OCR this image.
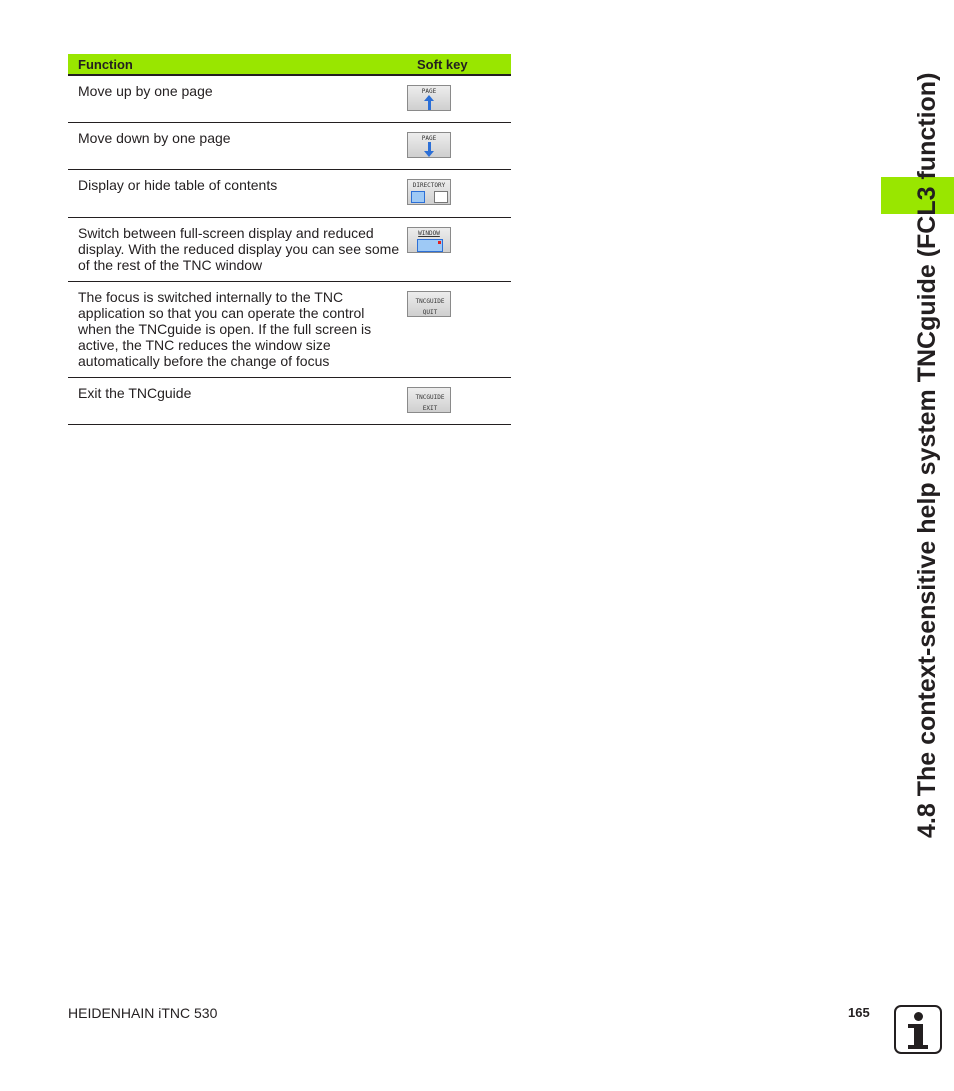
Function	Soft key
Move up by one page	PAGE

Move down by one page	PAGE

Display or hide table of contents	DIRECTORY

Switch between full-screen display and reduced display. With the reduced display you can see some of the rest of the TNC window	WINDOW

The focus is switched internally to the TNC application so that you can operate the control when the TNCguide is open. If the full screen is active, the TNC reduces the window size automatically before the change of focus	TNCGUIDE QUIT

Exit the TNCguide	TNCGUIDE EXIT	4.8 The context-sensitive help system TNCguide (FCL3 function)
HEIDENHAIN iTNC 530	165
